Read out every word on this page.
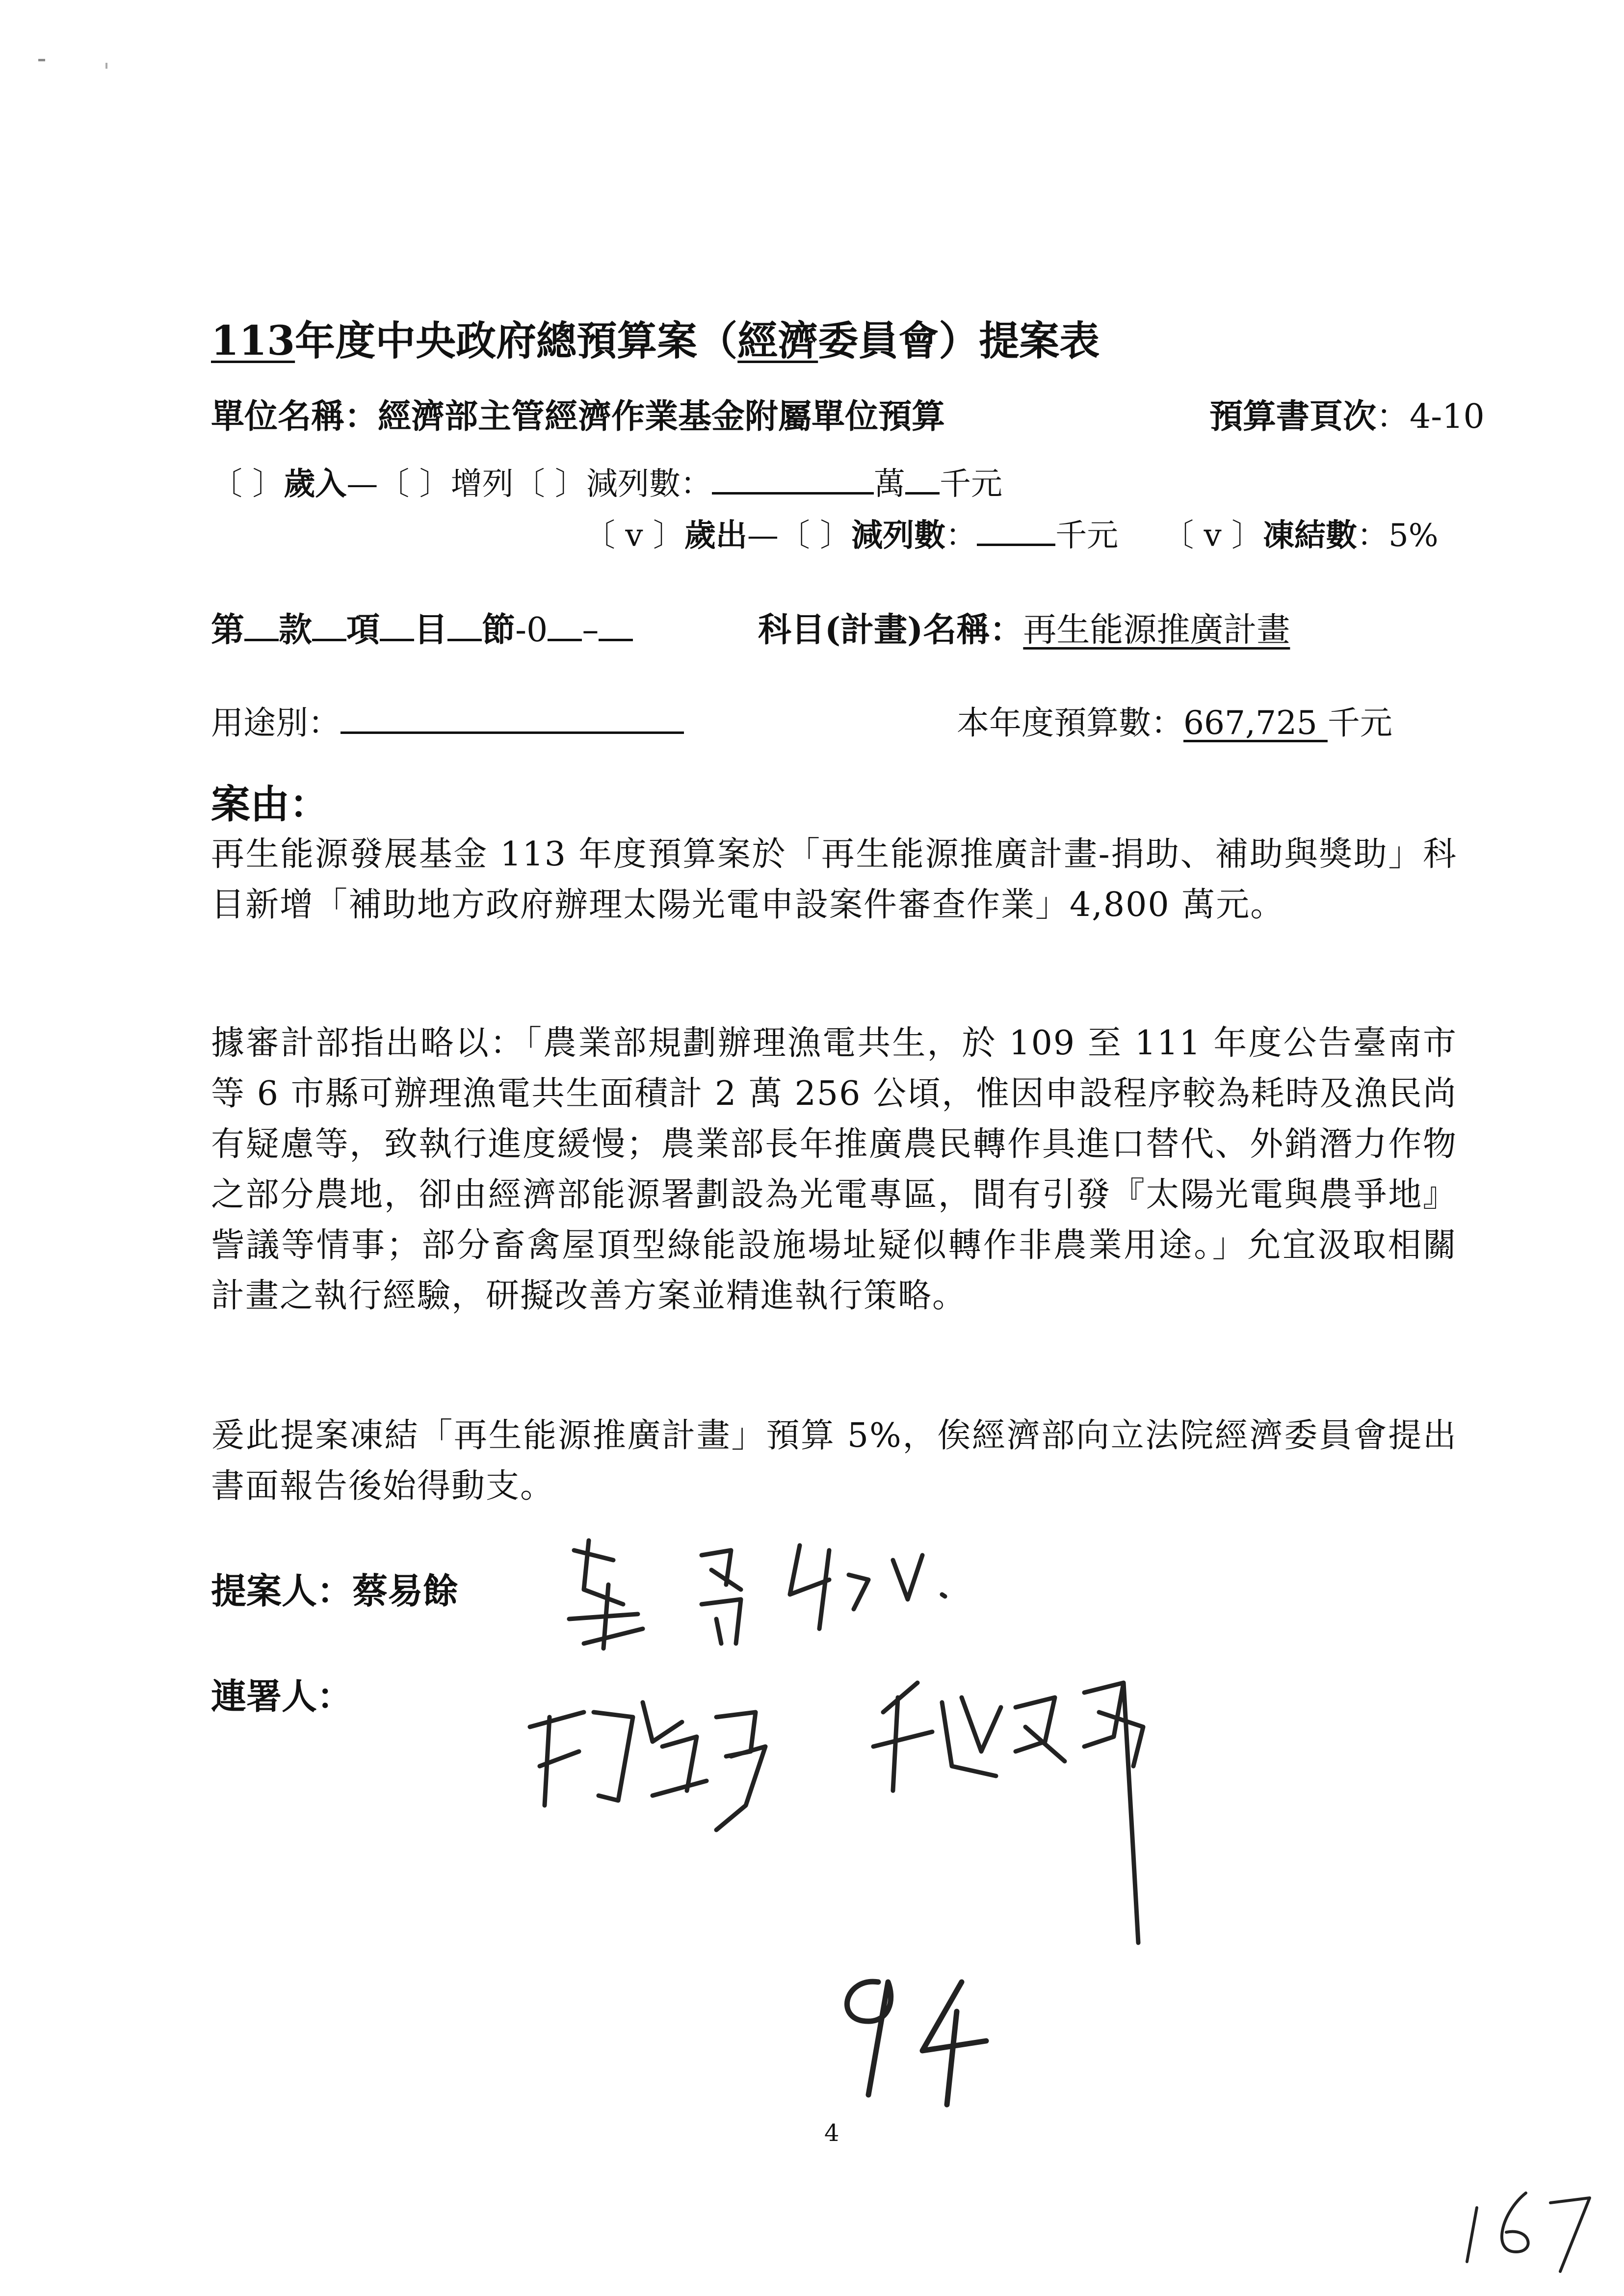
113年度中央政府總預算案（經濟委員會）提案表
單位名稱：經濟部主管經濟作業基金附屬單位預算	預算書頁次：4-10
〔 〕歲入—〔 〕增列〔 〕減列數：	萬 千元
〔 v 〕歲出—〔 〕減列數：	千元 〔 v 〕凍結數：5%
第 款 項 目 節-0 –	科目(計畫)名稱：再生能源推廣計畫
用途別：	本年度預算數：667,725 千元
案由：
再生能源發展基金 113 年度預算案於「再生能源推廣計畫-捐助、補助與獎助」科目新增「補助地方政府辦理太陽光電申設案件審查作業」4,800 萬元。
據審計部指出略以：「農業部規劃辦理漁電共生，於 109 至 111 年度公告臺南市等 6 市縣可辦理漁電共生面積計 2 萬 256 公頃，惟因申設程序較為耗時及漁民尚有疑慮等，致執行進度緩慢；農業部長年推廣農民轉作具進口替代、外銷潛力作物之部分農地，卻由經濟部能源署劃設為光電專區，間有引發『太陽光電與農爭地』訾議等情事；部分畜禽屋頂型綠能設施場址疑似轉作非農業用途。」允宜汲取相關計畫之執行經驗，研擬改善方案並精進執行策略。
爰此提案凍結「再生能源推廣計畫」預算 5%，俟經濟部向立法院經濟委員會提出書面報告後始得動支。
提案人：蔡易餘
連署人：
4
